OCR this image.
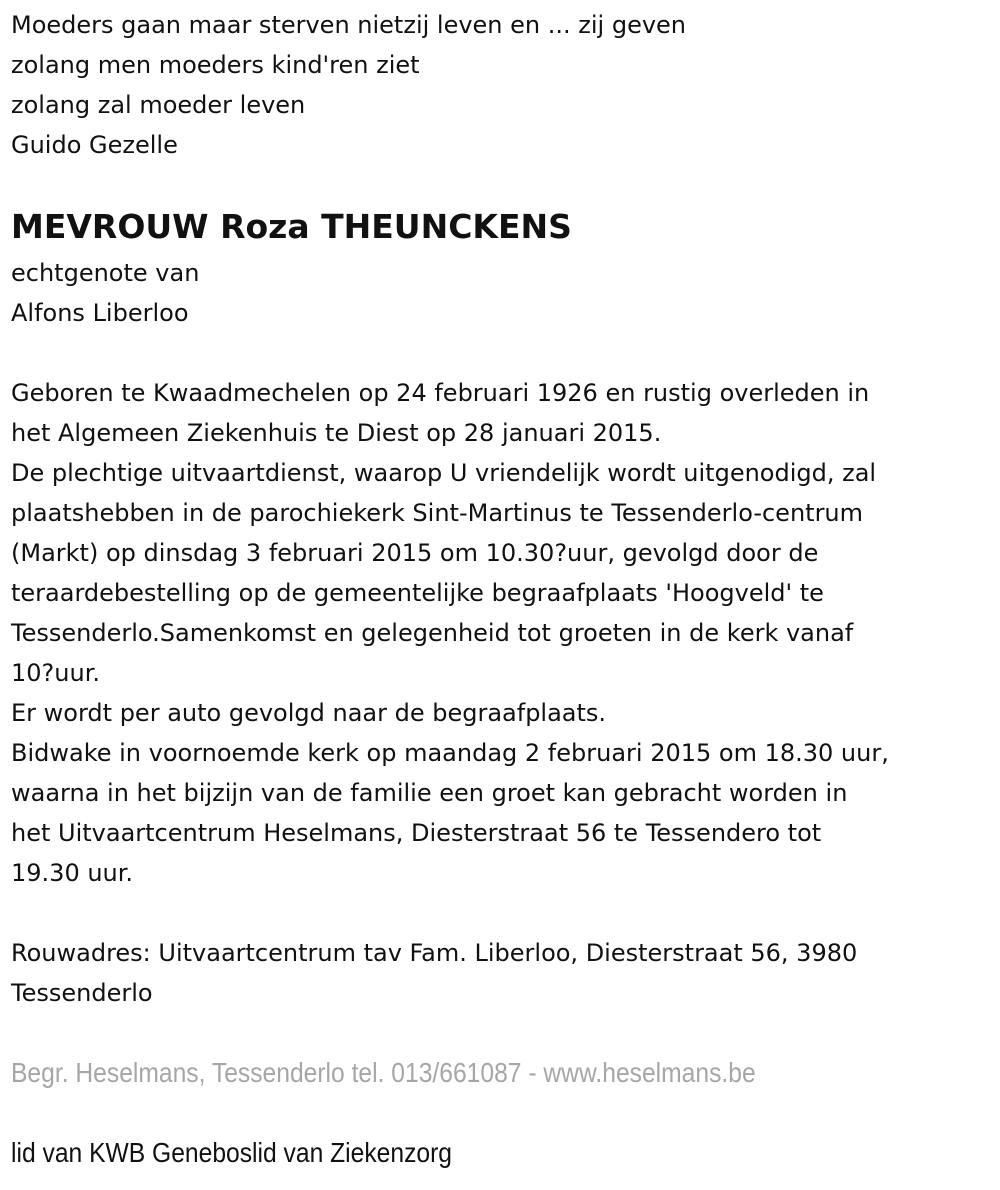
Moeders gaan maar sterven nietzij leven en ... zij geven
zolang men moeders kind'ren ziet
zolang zal moeder leven
Guido Gezelle
MEVROUW Roza THEUNCKENS
echtgenote van
Alfons Liberloo
Geboren te Kwaadmechelen op 24 februari 1926 en rustig overleden in
het Algemeen Ziekenhuis te Diest op 28 januari 2015.
De plechtige uitvaartdienst, waarop U vriendelijk wordt uitgenodigd, zal
plaatshebben in de parochiekerk Sint-Martinus te Tessenderlo-centrum
(Markt) op dinsdag 3 februari 2015 om 10.30?uur, gevolgd door de
teraardebestelling op de gemeentelijke begraafplaats 'Hoogveld' te
Tessenderlo.Samenkomst en gelegenheid tot groeten in de kerk vanaf
10?uur.
Er wordt per auto gevolgd naar de begraafplaats.
Bidwake in voornoemde kerk op maandag 2 februari 2015 om 18.30 uur,
waarna in het bijzijn van de familie een groet kan gebracht worden in
het Uitvaartcentrum Heselmans, Diesterstraat 56 te Tessendero tot
19.30 uur.
Rouwadres: Uitvaartcentrum tav Fam. Liberloo, Diesterstraat 56, 3980
Tessenderlo
Begr. Heselmans, Tessenderlo tel. 013/661087 - www.heselmans.be
lid van KWB Geneboslid van Ziekenzorg
